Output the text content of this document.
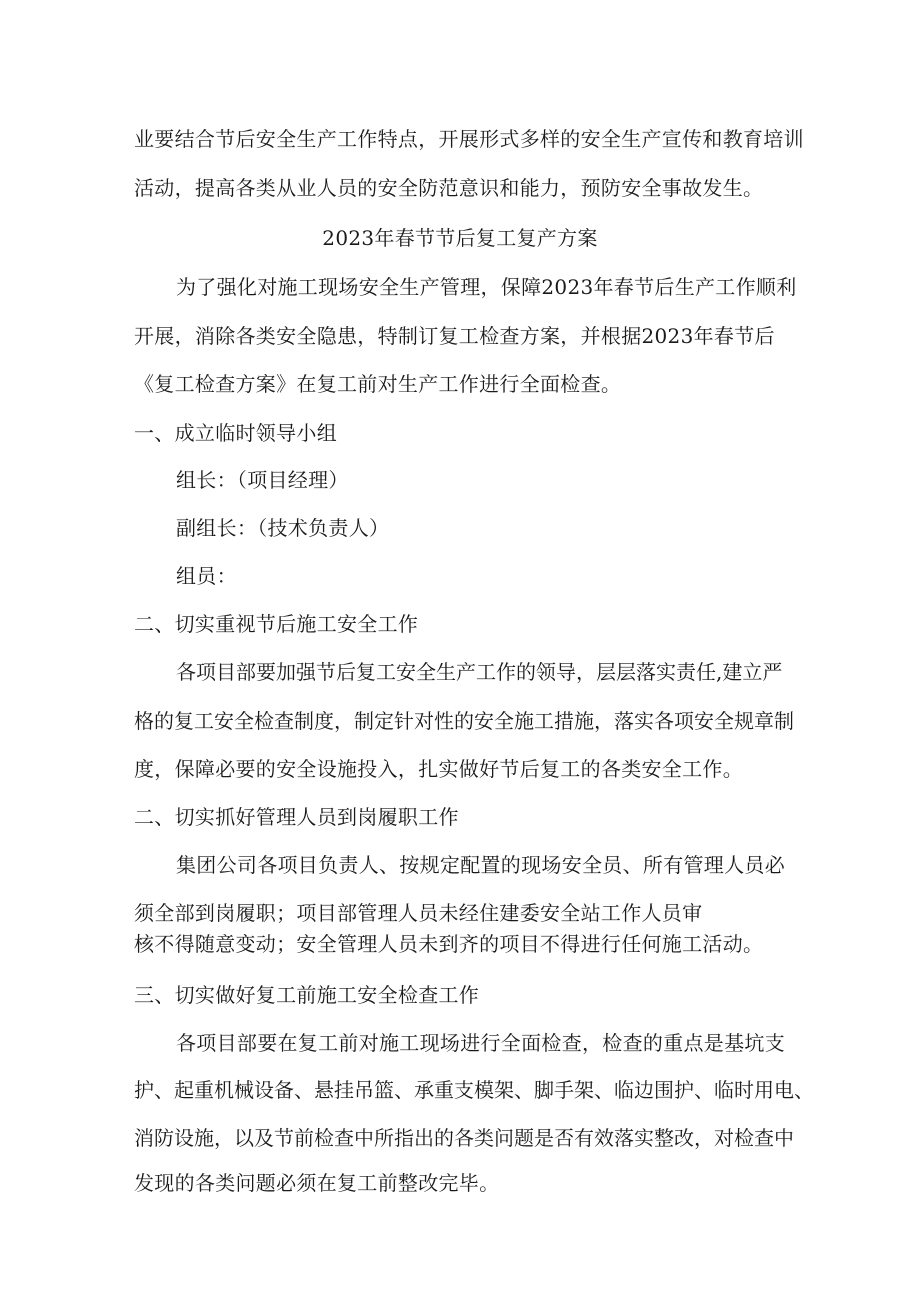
业要结合节后安全生产工作特点，开展形式多样的安全生产宣传和教育培训
活动，提高各类从业人员的安全防范意识和能力，预防安全事故发生。
2023年春节节后复工复产方案
为了强化对施工现场安全生产管理，保障2023年春节后生产工作顺利
开展，消除各类安全隐患，特制订复工检查方案，并根据2023年春节后
《复工检查方案》在复工前对生产工作进行全面检查。
一、成立临时领导小组
组长：（项目经理）
副组长：（技术负责人）
组员：
二、切实重视节后施工安全工作
各项目部要加强节后复工安全生产工作的领导，层层落实责任,建立严
格的复工安全检查制度，制定针对性的安全施工措施，落实各项安全规章制
度，保障必要的安全设施投入，扎实做好节后复工的各类安全工作。
二、切实抓好管理人员到岗履职工作
集团公司各项目负责人、按规定配置的现场安全员、所有管理人员必
须全部到岗履职；项目部管理人员未经住建委安全站工作人员审
核不得随意变动；安全管理人员未到齐的项目不得进行任何施工活动。
三、切实做好复工前施工安全检查工作
各项目部要在复工前对施工现场进行全面检查，检查的重点是基坑支
护、起重机械设备、悬挂吊篮、承重支模架、脚手架、临边围护、临时用电、
消防设施，以及节前检查中所指出的各类问题是否有效落实整改，对检查中
发现的各类问题必须在复工前整改完毕。
